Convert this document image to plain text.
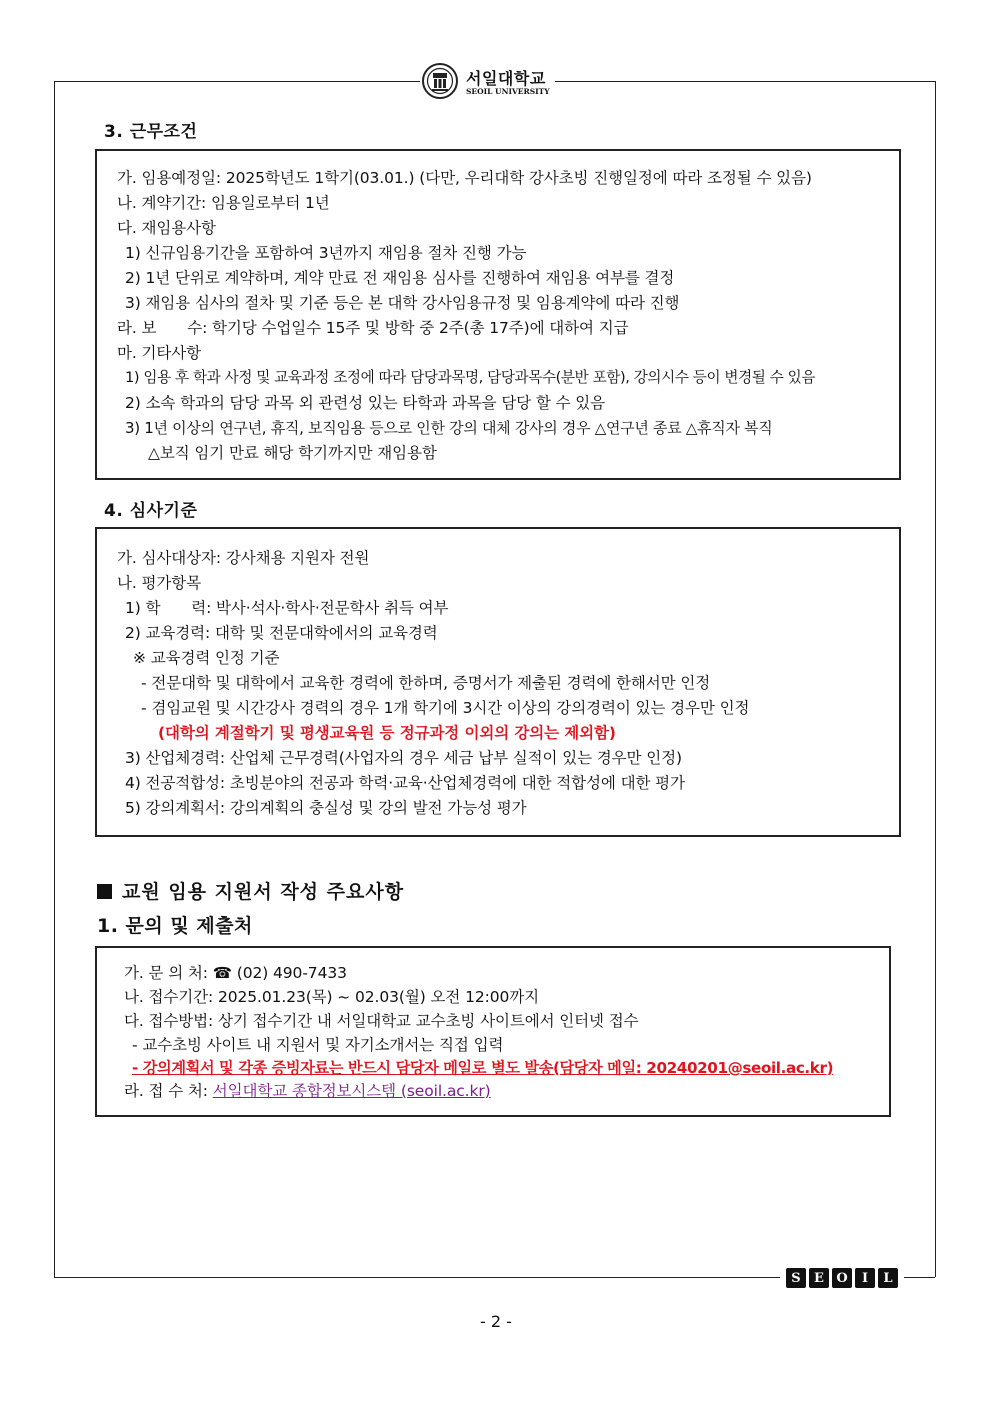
서일대학교
SEOIL UNIVERSITY
3. 근무조건
가. 임용예정일: 2025학년도 1학기(03.01.) (다만, 우리대학 강사초빙 진행일정에 따라 조정될 수 있음)
나. 계약기간: 임용일로부터 1년
다. 재임용사항
1) 신규임용기간을 포함하여 3년까지 재임용 절차 진행 가능
2) 1년 단위로 계약하며, 계약 만료 전 재임용 심사를 진행하여 재임용 여부를 결정
3) 재임용 심사의 절차 및 기준 등은 본 대학 강사임용규정 및 임용계약에 따라 진행
라. 보　　수: 학기당 수업일수 15주 및 방학 중 2주(총 17주)에 대하여 지급
마. 기타사항
1) 임용 후 학과 사정 및 교육과정 조정에 따라 담당과목명, 담당과목수(분반 포함), 강의시수 등이 변경될 수 있음
2) 소속 학과의 담당 과목 외 관련성 있는 타학과 과목을 담당 할 수 있음
3) 1년 이상의 연구년, 휴직, 보직임용 등으로 인한 강의 대체 강사의 경우 △연구년 종료 △휴직자 복직
△보직 임기 만료 해당 학기까지만 재임용함
4. 심사기준
가. 심사대상자: 강사채용 지원자 전원
나. 평가항목
1) 학　　력: 박사·석사·학사·전문학사 취득 여부
2) 교육경력: 대학 및 전문대학에서의 교육경력
※ 교육경력 인정 기준
- 전문대학 및 대학에서 교육한 경력에 한하며, 증명서가 제출된 경력에 한해서만 인정
- 겸임교원 및 시간강사 경력의 경우 1개 학기에 3시간 이상의 강의경력이 있는 경우만 인정
(대학의 계절학기 및 평생교육원 등 정규과정 이외의 강의는 제외함)
3) 산업체경력: 산업체 근무경력(사업자의 경우 세금 납부 실적이 있는 경우만 인정)
4) 전공적합성: 초빙분야의 전공과 학력·교육·산업체경력에 대한 적합성에 대한 평가
5) 강의계획서: 강의계획의 충실성 및 강의 발전 가능성 평가
교원 임용 지원서 작성 주요사항
1. 문의 및 제출처
가. 문 의 처: ☎ (02) 490-7433
나. 접수기간: 2025.01.23(목) ~ 02.03(월) 오전 12:00까지
다. 접수방법: 상기 접수기간 내 서일대학교 교수초빙 사이트에서 인터넷 접수
- 교수초빙 사이트 내 지원서 및 자기소개서는 직접 입력
- 강의계획서 및 각종 증빙자료는 반드시 담당자 메일로 별도 발송(담당자 메일: 20240201@seoil.ac.kr)
라. 접 수 처: 서일대학교 종합정보시스템 (seoil.ac.kr)
S	E O	I	L
- 2 -
